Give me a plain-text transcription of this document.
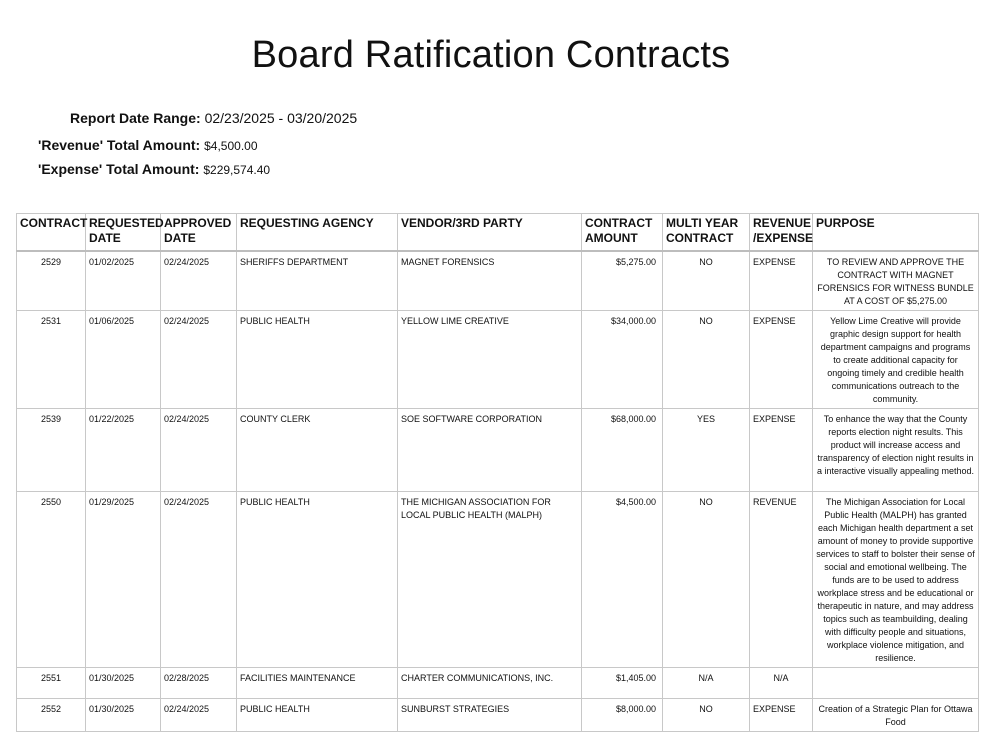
Board Ratification Contracts
Report Date Range: 02/23/2025 - 03/20/2025
'Revenue' Total Amount: $4,500.00
'Expense' Total Amount: $229,574.40
CONTRACT	REQUESTED DATE	APPROVED DATE	REQUESTING AGENCY	VENDOR/3RD PARTY	CONTRACT AMOUNT	MULTI YEAR CONTRACT	REVENUE /EXPENSE	PURPOSE
2529	01/02/2025	02/24/2025	SHERIFFS DEPARTMENT	MAGNET FORENSICS	$5,275.00	NO	EXPENSE	TO REVIEW AND APPROVE THE CONTRACT WITH MAGNET FORENSICS FOR WITNESS BUNDLE AT A COST OF $5,275.00
2531	01/06/2025	02/24/2025	PUBLIC HEALTH	YELLOW LIME CREATIVE	$34,000.00	NO	EXPENSE	Yellow Lime Creative will provide graphic design support for health department campaigns and programs to create additional capacity for ongoing timely and credible health communications outreach to the community.
2539	01/22/2025	02/24/2025	COUNTY CLERK	SOE SOFTWARE CORPORATION	$68,000.00	YES	EXPENSE	To enhance the way that the County reports election night results. This product will increase access and transparency of election night results in a interactive visually appealing method.
2550	01/29/2025	02/24/2025	PUBLIC HEALTH	THE MICHIGAN ASSOCIATION FOR LOCAL PUBLIC HEALTH (MALPH)	$4,500.00	NO	REVENUE	The Michigan Association for Local Public Health (MALPH) has granted each Michigan health department a set amount of money to provide supportive services to staff to bolster their sense of social and emotional wellbeing. The funds are to be used to address workplace stress and be educational or therapeutic in nature, and may address topics such as teambuilding, dealing with difficulty people and situations, workplace violence mitigation, and resilience.
2551	01/30/2025	02/28/2025	FACILITIES MAINTENANCE	CHARTER COMMUNICATIONS, INC.	$1,405.00	N/A	N/A	
2552	01/30/2025	02/24/2025	PUBLIC HEALTH	SUNBURST STRATEGIES	$8,000.00	NO	EXPENSE	Creation of a Strategic Plan for Ottawa Food
